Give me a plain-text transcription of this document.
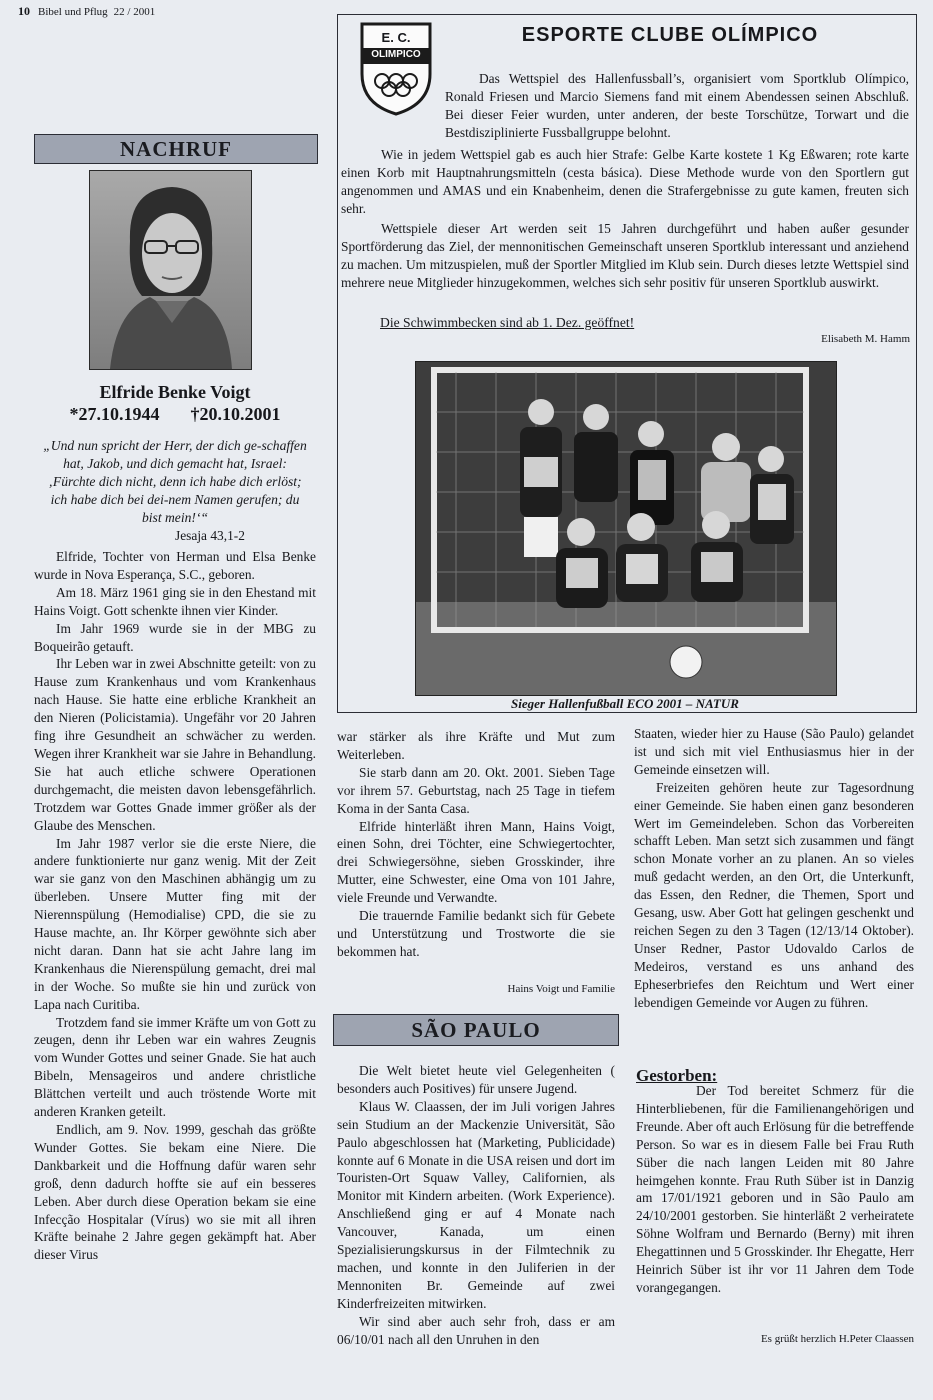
10 Bibel und Pflug 22 / 2001
NACHRUF
Elfride Benke Voigt
*27.10.1944 †20.10.2001
„Und nun spricht der Herr, der dich ge-schaffen hat, Jakob, und dich gemacht hat, Israel: ‚Fürchte dich nicht, denn ich habe dich erlöst; ich habe dich bei dei-nem Namen gerufen; du bist mein!‘“
Jesaja 43,1-2

Elfride, Tochter von Herman und Elsa Benke wurde in Nova Esperança, S.C., geboren.

Am 18. März 1961 ging sie in den Ehestand mit Hains Voigt. Gott schenkte ihnen vier Kinder.

Im Jahr 1969 wurde sie in der MBG zu Boqueirão getauft.

Ihr Leben war in zwei Abschnitte geteilt: von zu Hause zum Krankenhaus und vom Krankenhaus nach Hause. Sie hatte eine erbliche Krankheit an den Nieren (Policistamia). Ungefähr vor 20 Jahren fing ihre Gesundheit an schwächer zu werden. Wegen ihrer Krankheit war sie Jahre in Behandlung. Sie hat auch etliche schwere Operationen durchgemacht, die meisten davon lebensgefährlich. Trotzdem war Gottes Gnade immer größer als der Glaube des Menschen.

Im Jahr 1987 verlor sie die erste Niere, die andere funktionierte nur ganz wenig. Mit der Zeit war sie ganz von den Maschinen abhängig um zu überleben. Unsere Mutter fing mit der Nierennspülung (Hemodialise) CPD, die sie zu Hause machte, an. Ihr Körper gewöhnte sich aber nicht daran. Dann hat sie acht Jahre lang im Krankenhaus die Nierenspülung gemacht, drei mal in der Woche. So mußte sie hin und zurück von Lapa nach Curitiba.

Trotzdem fand sie immer Kräfte um von Gott zu zeugen, denn ihr Leben war ein wahres Zeugnis vom Wunder Gottes und seiner Gnade. Sie hat auch Bibeln, Mensageiros und andere christliche Blättchen verteilt und auch tröstende Worte mit anderen Kranken geteilt.

Endlich, am 9. Nov. 1999, geschah das größte Wunder Gottes. Sie bekam eine Niere. Die Dankbarkeit und die Hoffnung dafür waren sehr groß, denn dadurch hoffte sie auf ein besseres Leben. Aber durch diese Operation bekam sie eine Infecção Hospitalar (Vírus) wo sie mit all ihren Kräfte beinahe 2 Jahre gegen gekämpft hat. Aber dieser Virus

E. C.
OLIMPICO
ESPORTE CLUBE OLÍMPICO
Das Wettspiel des Hallenfussball’s, organisiert vom Sportklub Olímpico, Ronald Friesen und Marcio Siemens fand mit einem Abendessen seinen Abschluß. Bei dieser Feier wurden, unter anderen, der beste Torschütze, Torwart und die Bestdisziplinierte Fussballgruppe belohnt.
Wie in jedem Wettspiel gab es auch hier Strafe: Gelbe Karte kostete 1 Kg Eßwaren; rote karte einen Korb mit Hauptnahrungsmitteln (cesta básica). Diese Methode wurde von den Sportlern gut angenommen und AMAS und ein Knabenheim, denen die Strafergebnisse zu gute kamen, freuten sich sehr.
Wettspiele dieser Art werden seit 15 Jahren durchgeführt und haben außer gesunder Sportförderung das Ziel, der mennonitischen Gemeinschaft unseren Sportklub interessant und anziehend zu machen. Um mitzuspielen, muß der Sportler Mitglied im Klub sein. Durch dieses letzte Wettspiel sind mehrere neue Mitglieder hinzugekommen, welches sich sehr positiv für unseren Sportklub auswirkt.
Die Schwimmbecken sind ab 1. Dez. geöffnet!
Elisabeth M. Hamm
Sieger Hallenfußball ECO 2001 – NATUR

war stärker als ihre Kräfte und Mut zum Weiterleben.

Sie starb dann am 20. Okt. 2001. Sieben Tage vor ihrem 57. Geburtstag, nach 25 Tage in tiefem Koma in der Santa Casa.

Elfride hinterläßt ihren Mann, Hains Voigt, einen Sohn, drei Töchter, eine Schwiegertochter, drei Schwiegersöhne, sieben Grosskinder, ihre Mutter, eine Schwester, eine Oma von 101 Jahre, viele Freunde und Verwandte.

Die trauernde Familie bedankt sich für Gebete und Unterstützung und Trostworte die sie bekommen hat.

Hains Voigt und Familie
SÃO PAULO

Die Welt bietet heute viel Gelegenheiten ( besonders auch Positives) für unsere Jugend.

Klaus W. Claassen, der im Juli vorigen Jahres sein Studium an der Mackenzie Universität, São Paulo abgeschlossen hat (Marketing, Publicidade) konnte auf 6 Monate in die USA reisen und dort im Touristen-Ort Squaw Valley, Californien, als Monitor mit Kindern arbeiten. (Work Experience). Anschließend ging er auf 4 Monate nach Vancouver, Kanada, um einen Spezialisierungskursus in der Filmtechnik zu machen, und konnte in den Juliferien in der Mennoniten Br. Gemeinde auf zwei Kinderfreizeiten mitwirken.

Wir sind aber auch sehr froh, dass er am 06/10/01 nach all den Unruhen in den

Staaten, wieder hier zu Hause (São Paulo) gelandet ist und sich mit viel Enthusiasmus hier in der Gemeinde einsetzen will.

Freizeiten gehören heute zur Tagesordnung einer Gemeinde. Sie haben einen ganz besonderen Wert im Gemeindeleben. Schon das Vorbereiten schafft Leben. Man setzt sich zusammen und fängt schon Monate vorher an zu planen. An so vieles muß gedacht werden, an den Ort, die Unterkunft, das Essen, den Redner, die Themen, Sport und Gesang, usw. Aber Gott hat gelingen geschenkt und reichen Segen zu den 3 Tagen (12/13/14 Oktober). Unser Redner, Pastor Udovaldo Carlos de Medeiros, verstand es uns anhand des Epheserbriefes den Reichtum und Wert einer lebendigen Gemeinde vor Augen zu führen.

Gestorben:
Der Tod bereitet Schmerz für die Hinterbliebenen, für die Familienangehörigen und Freunde. Aber oft auch Erlösung für die betreffende Person. So war es in diesem Falle bei Frau Ruth Süber die nach langen Leiden mit 80 Jahre heimgehen konnte. Frau Ruth Süber ist in Danzig am 17/01/1921 geboren und in São Paulo am 24/10/2001 gestorben. Sie hinterläßt 2 verheiratete Söhne Wolfram und Bernardo (Berny) mit ihren Ehegattinnen und 5 Grosskinder. Ihr Ehegatte, Herr Heinrich Süber ist ihr vor 11 Jahren dem Tode vorangegangen.
Es grüßt herzlich H.Peter Claassen
